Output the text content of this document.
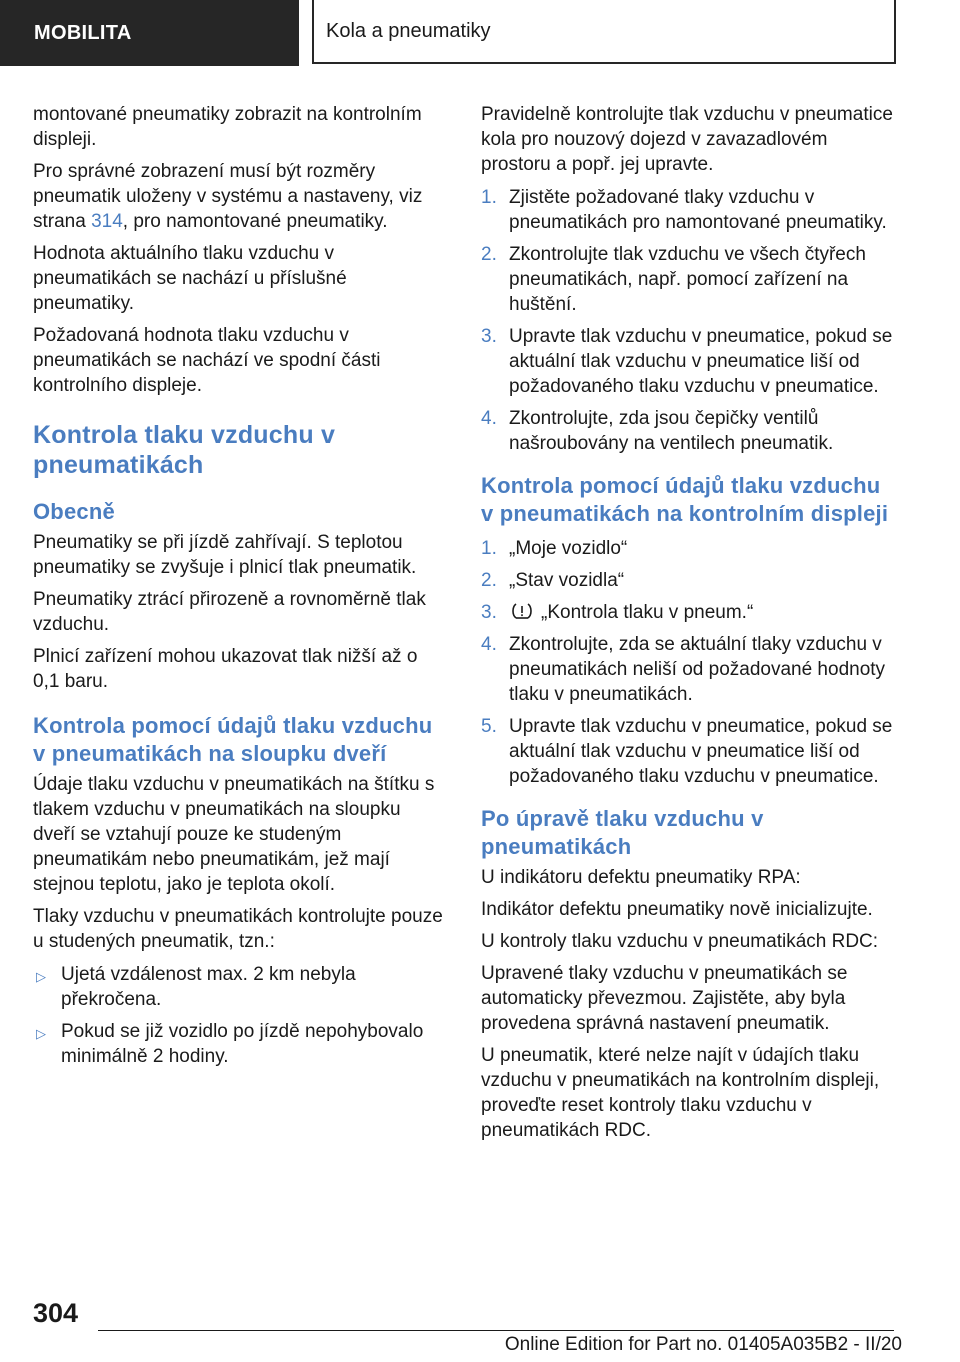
MOBILITA	Kola a pneumatiky

montované pneumatiky zobrazit na kontrolním displeji.

Pro správné zobrazení musí být rozměry pneumatik uloženy v systému a nastaveny, viz strana 314, pro namontované pneumatiky.

Hodnota aktuálního tlaku vzduchu v pneumatikách se nachází u příslušné pneumatiky.

Požadovaná hodnota tlaku vzduchu v pneumatikách se nachází ve spodní části kontrolního displeje.

Kontrola tlaku vzduchu v pneumatikách
Obecně

Pneumatiky se při jízdě zahřívají. S teplotou pneumatiky se zvyšuje i plnicí tlak pneumatik.

Pneumatiky ztrácí přirozeně a rovnoměrně tlak vzduchu.

Plnicí zařízení mohou ukazovat tlak nižší až o 0,1 baru.

Kontrola pomocí údajů tlaku vzduchu v pneumatikách na sloupku dveří

Údaje tlaku vzduchu v pneumatikách na štítku s tlakem vzduchu v pneumatikách na sloupku dveří se vztahují pouze ke studeným pneumatikám nebo pneumatikám, jež mají stejnou teplotu, jako je teplota okolí.

Tlaky vzduchu v pneumatikách kontrolujte pouze u studených pneumatik, tzn.:

▷ Ujetá vzdálenost max. 2 km nebyla překročena.
▷ Pokud se již vozidlo po jízdě nepohybovalo minimálně 2 hodiny.

Pravidelně kontrolujte tlak vzduchu v pneumatice kola pro nouzový dojezd v zavazadlovém prostoru a popř. jej upravte.

1. Zjistěte požadované tlaky vzduchu v pneumatikách pro namontované pneumatiky.
2. Zkontrolujte tlak vzduchu ve všech čtyřech pneumatikách, např. pomocí zařízení na huštění.
3. Upravte tlak vzduchu v pneumatice, pokud se aktuální tlak vzduchu v pneumatice liší od požadovaného tlaku vzduchu v pneumatice.
4. Zkontrolujte, zda jsou čepičky ventilů našroubovány na ventilech pneumatik.
Kontrola pomocí údajů tlaku vzduchu v pneumatikách na kontrolním displeji
1. „Moje vozidlo“
2. „Stav vozidla“
3. „Kontrola tlaku v pneum.“
4. Zkontrolujte, zda se aktuální tlaky vzduchu v pneumatikách neliší od požadované hodnoty tlaku v pneumatikách.
5. Upravte tlak vzduchu v pneumatice, pokud se aktuální tlak vzduchu v pneumatice liší od požadovaného tlaku vzduchu v pneumatice.
Po úpravě tlaku vzduchu v pneumatikách

U indikátoru defektu pneumatiky RPA:

Indikátor defektu pneumatiky nově inicializujte.

U kontroly tlaku vzduchu v pneumatikách RDC:

Upravené tlaky vzduchu v pneumatikách se automaticky převezmou. Zajistěte, aby byla provedena správná nastavení pneumatik.

U pneumatik, které nelze najít v údajích tlaku vzduchu v pneumatikách na kontrolním displeji, proveďte reset kontroly tlaku vzduchu v pneumatikách RDC.

304
Online Edition for Part no. 01405A035B2 - II/20
